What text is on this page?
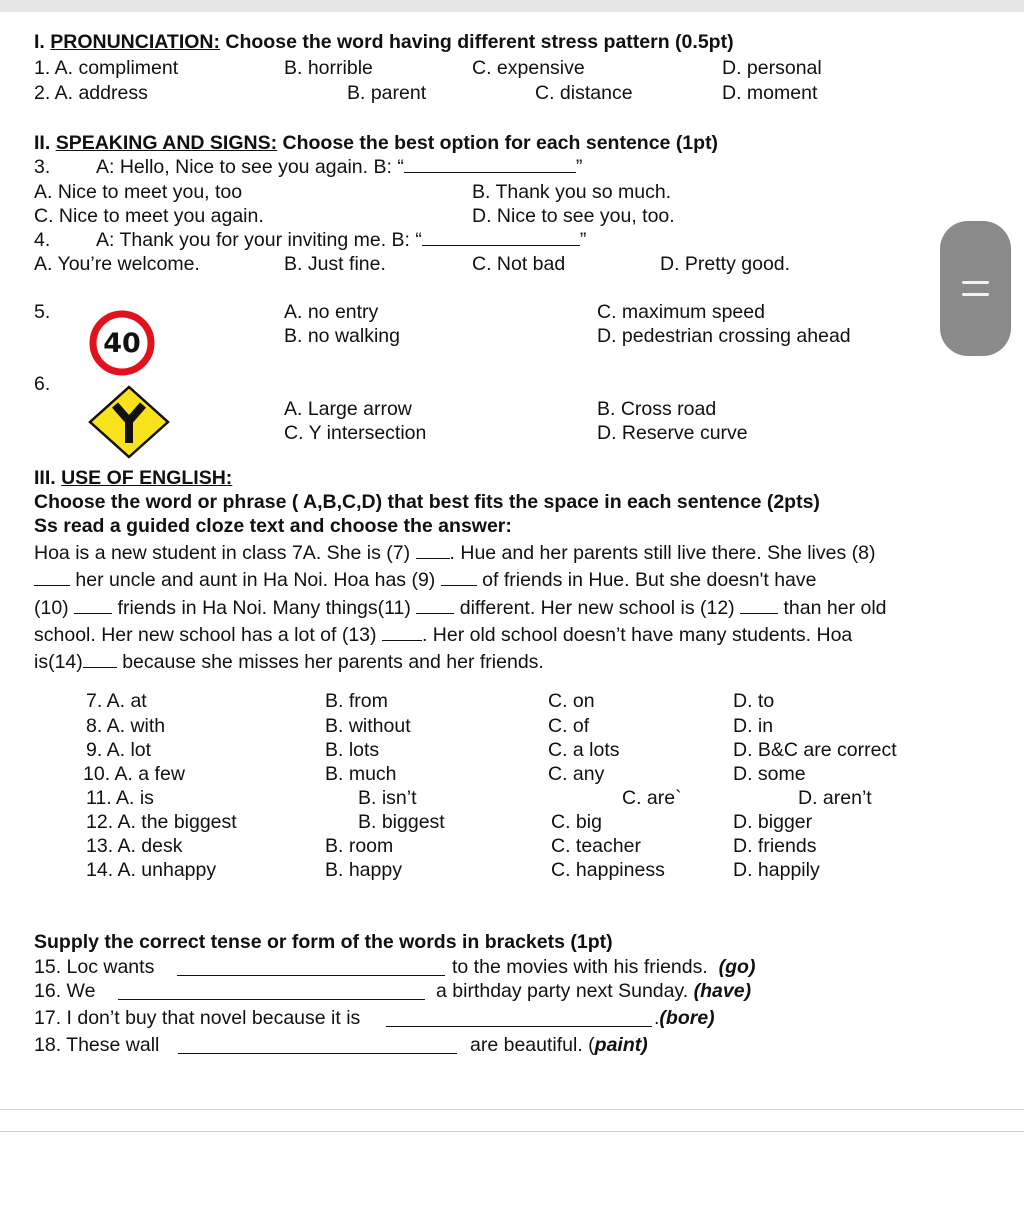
I. PRONUNCIATION: Choose the word having different stress pattern (0.5pt)
1. A. compliment	B. horrible	C. expensive	D. personal
2. A. address	B. parent	C. distance	D. moment
II. SPEAKING AND SIGNS: Choose the best option for each sentence (1pt)
3. A: Hello, Nice to see you again. B: “	”
A. Nice to meet you, too	B. Thank you so much.
C. Nice to meet you again.	D. Nice to see you, too.
4. A: Thank you for your inviting me. B: “	”
A. You’re welcome.	B. Just fine.	C. Not bad	D. Pretty good.
5.
40
A. no entry	C. maximum speed
B. no walking	D. pedestrian crossing ahead
6.
A. Large arrow	B. Cross road
C. Y intersection	D. Reserve curve
III. USE OF ENGLISH:
Choose the word or phrase ( A,B,C,D) that best fits the space in each sentence (2pts)
Ss read a guided cloze text and choose the answer:
Hoa is a new student in class 7A. She is (7) . Hue and her parents still live there. She lives (8)
her uncle and aunt in Ha Noi. Hoa has (9) of friends in Hue. But she doesn't have
(10)	friends in Ha Noi. Many things(11)	different. Her new school is (12)	than her old
school. Her new school has a lot of (13) . Her old school doesn’t have many students. Hoa
is(14) because she misses her parents and her friends.
7. A. at	B. from	C. on	D. to
8. A. with	B. without	C. of	D. in
9. A. lot	B. lots	C. a lots	D. B&C are correct
10. A. a few	B. much	C. any	D. some
11. A. is	B. isn’t	C. are`	D. aren’t
12. A. the biggest	B. biggest	C. big	D. bigger
13. A. desk	B. room	C. teacher	D. friends
14. A. unhappy	B. happy	C. happiness	D. happily
Supply the correct tense or form of the words in brackets (1pt)
15. Loc wants	to the movies with his friends. (go)
16. We	a birthday party next Sunday. (have)
17. I don’t buy that novel because it is	.(bore)
18. These wall	are beautiful. (paint)
